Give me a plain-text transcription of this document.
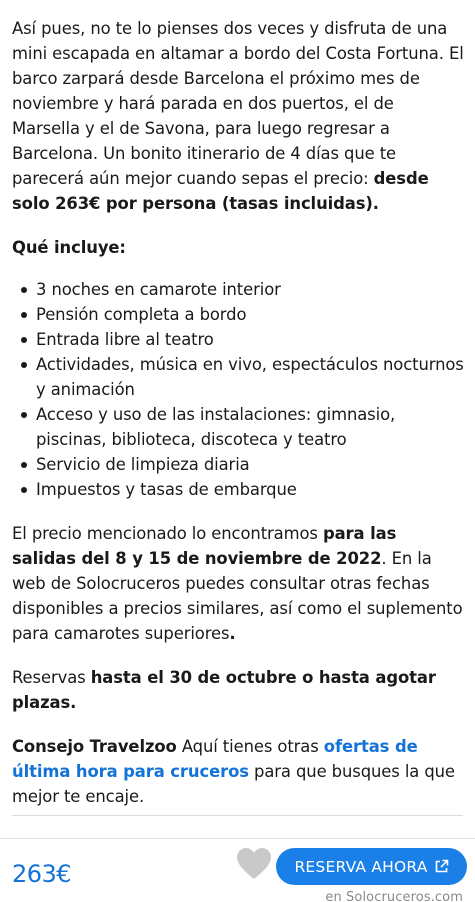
Así pues, no te lo pienses dos veces y disfruta de una mini escapada en altamar a bordo del Costa Fortuna. El barco zarpará desde Barcelona el próximo mes de noviembre y hará parada en dos puertos, el de Marsella y el de Savona, para luego regresar a Barcelona. Un bonito itinerario de 4 días que te parecerá aún mejor cuando sepas el precio: desde solo 263€ por persona (tasas incluidas).

Qué incluye:
3 noches en camarote interior
Pensión completa a bordo
Entrada libre al teatro
Actividades, música en vivo, espectáculos nocturnos y animación
Acceso y uso de las instalaciones: gimnasio, piscinas, biblioteca, discoteca y teatro
Servicio de limpieza diaria
Impuestos y tasas de embarque

El precio mencionado lo encontramos para las salidas del 8 y 15 de noviembre de 2022. En la web de Solocruceros puedes consultar otras fechas disponibles a precios similares, así como el suplemento para camarotes superiores.

Reservas hasta el 30 de octubre o hasta agotar plazas.

Consejo Travelzoo Aquí tienes otras ofertas de última hora para cruceros para que busques la que mejor te encaje.

263€	RESERVA AHORA
en Solocruceros.com
